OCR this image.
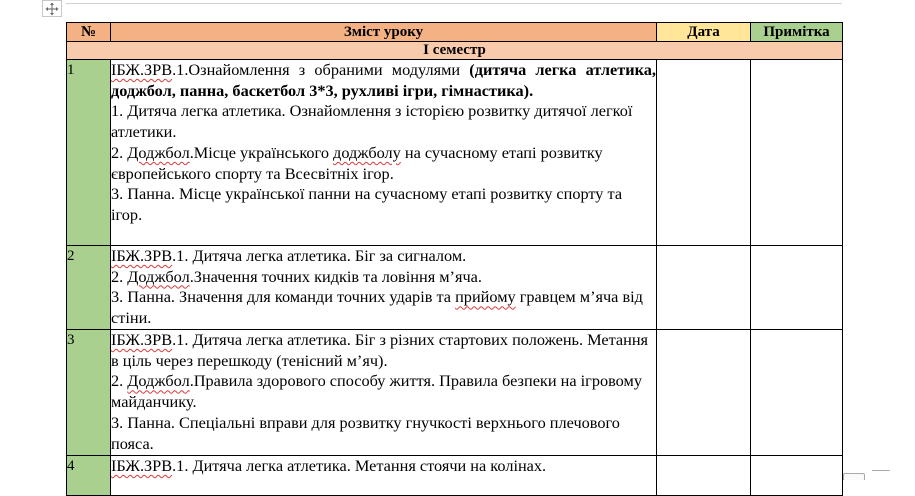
№	Зміст уроку	Дата	Примітка
І семестр			
1	ІБЖ.ЗРВ.1.Ознайомлення з обраними модулями (дитяча легка атлетика, доджбол, панна, баскетбол 3*3, рухливі ігри, гімнастика).

1. Дитяча легка атлетика. Ознайомлення з історією розвитку дитячої легкої атлетики.

2. Доджбол.Місце українського доджболу на сучасному етапі розвитку європейського спорту та Всесвітніх ігор.

3. Панна. Місце української панни на сучасному етапі розвитку спорту та ігор.		

2	ІБЖ.ЗРВ.1. Дитяча легка атлетика. Біг за сигналом.

2. Доджбол.Значення точних кидків та ловіння м’яча.

3. Панна. Значення для команди точних ударів та прийому гравцем м’яча від стіни.		

3	ІБЖ.ЗРВ.1. Дитяча легка атлетика. Біг з різних стартових положень. Метання в ціль через перешкоду (тенісний м’яч).

2. Доджбол.Правила здорового способу життя. Правила безпеки на ігровому майданчику.

3. Панна. Спеціальні вправи для розвитку гнучкості верхнього плечового пояса.		

4	ІБЖ.ЗРВ.1. Дитяча легка атлетика. Метання стоячи на колінах.		
